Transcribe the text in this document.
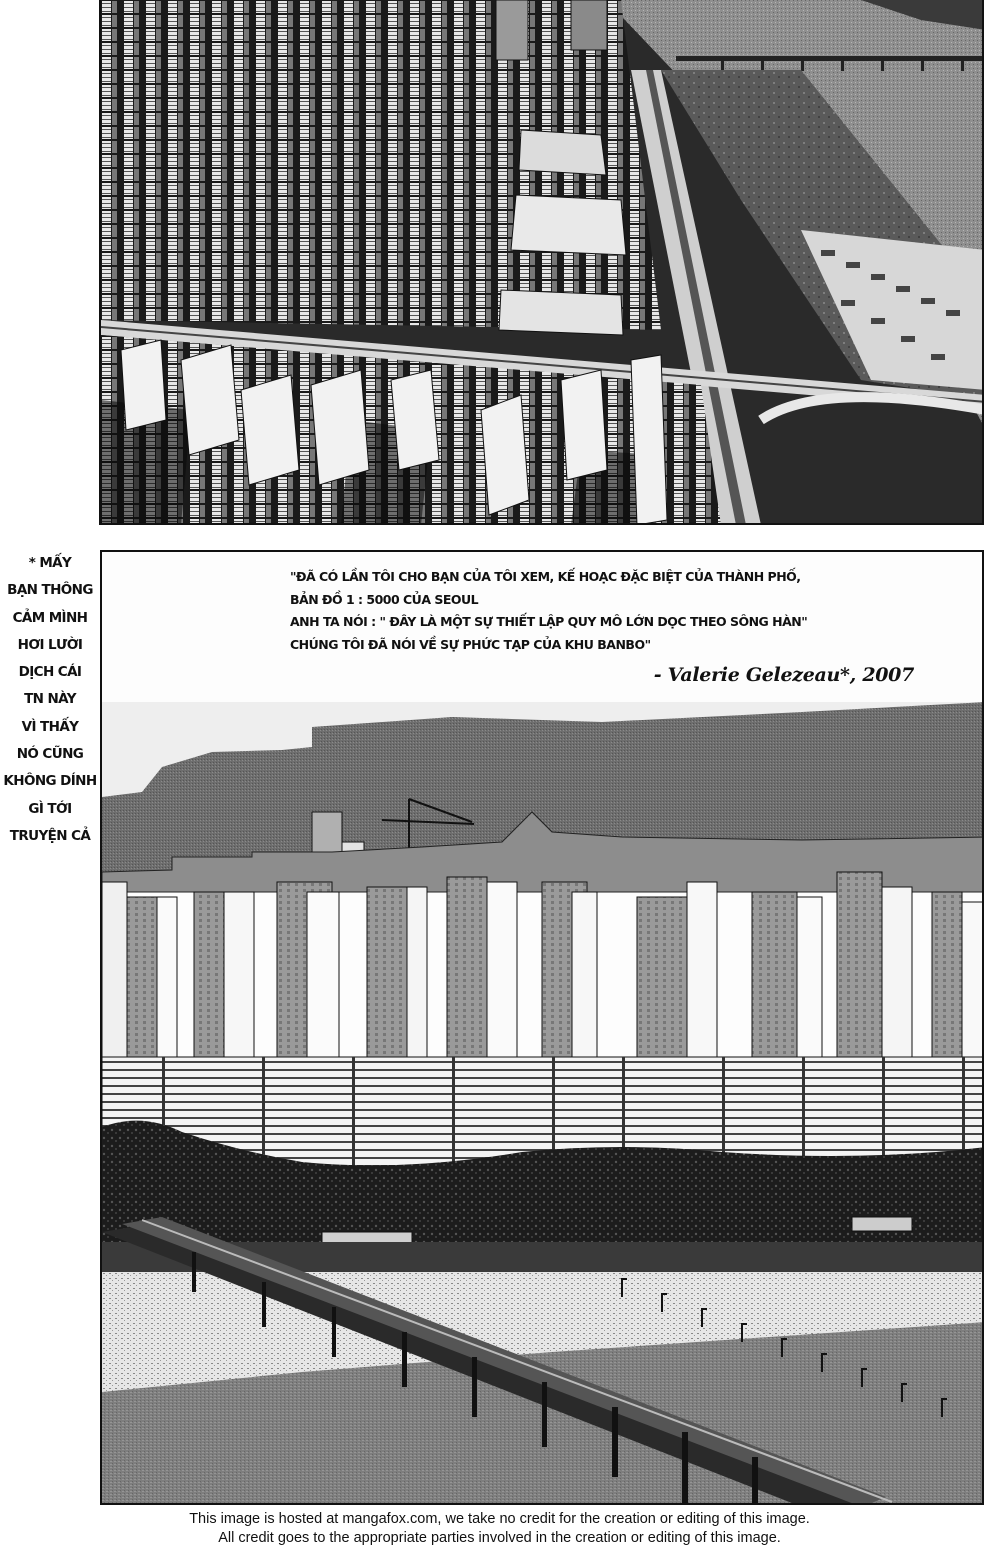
* MẤY
BẠN THÔNG
CẢM MÌNH
HƠI LƯỜI
DỊCH CÁI
TN NÀY
VÌ THẤY
NÓ CŨNG
KHÔNG DÍNH
GÌ TỚI
TRUYỆN CẢ
"ĐÃ CÓ LẦN TÔI CHO BẠN CỦA TÔI XEM, KẾ HOẠC ĐẶC BIỆT CỦA THÀNH PHỐ,
BẢN ĐỒ 1 : 5000 CỦA SEOUL
ANH TA NÓI : " ĐÂY LÀ MỘT SỰ THIẾT LẬP QUY MÔ LỚN DỌC THEO SÔNG HÀN"
CHÚNG TÔI ĐÃ NÓI VỀ SỰ PHỨC TẠP CỦA KHU BANBO"
- Valerie Gelezeau*, 2007
This image is hosted at mangafox.com, we take no credit for the creation or editing of this image.
All credit goes to the appropriate parties involved in the creation or editing of this image.
